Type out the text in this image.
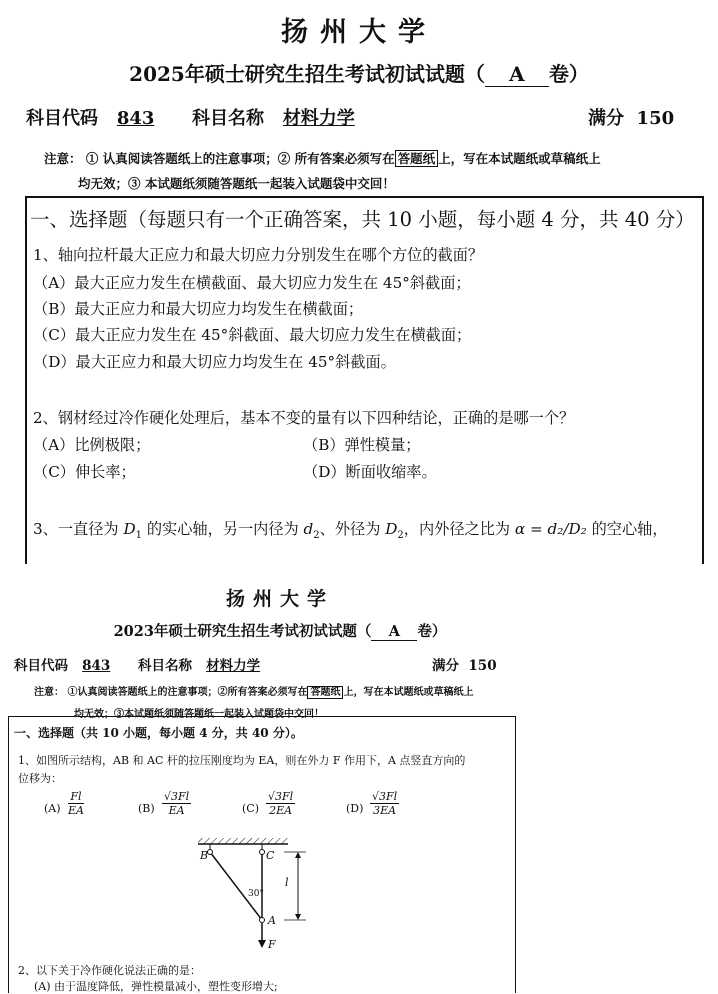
扬州大学
2025年硕士研究生招生考试初试试题（ A 卷）
科目代码 843 科目名称 材料力学	满分 150
注意： ① 认真阅读答题纸上的注意事项；② 所有答案必须写在 答题纸 上，写在本试题纸或草稿纸上
均无效；③ 本试题纸须随答题纸一起装入试题袋中交回！
一、选择题（每题只有一个正确答案，共 10 小题，每小题 4 分，共 40 分）
1、轴向拉杆最大正应力和最大切应力分别发生在哪个方位的截面？
（A）最大正应力发生在横截面、最大切应力发生在 45°斜截面；
（B）最大正应力和最大切应力均发生在横截面；
（C）最大正应力发生在 45°斜截面、最大切应力发生在横截面；
（D）最大正应力和最大切应力均发生在 45°斜截面。
2、钢材经过冷作硬化处理后，基本不变的量有以下四种结论，正确的是哪一个？
（A）比例极限；	（B）弹性模量；
（C）伸长率；	（D）断面收缩率。
3、一直径为 $D_1$ 的实心轴，另一内径为 $d_2$、外径为 $D_2$，内外径之比为 α = d₂/D₂ 的空心轴，
扬州大学
2023年硕士研究生招生考试初试试题（ A 卷）
科目代码 843 科目名称 材料力学	满分 150
注意： ①认真阅读答题纸上的注意事项；②所有答案必须写在 答题纸 上，写在本试题纸或草稿纸上
均无效；③本试题纸须随答题纸一起装入试题袋中交回！
一、选择题（共 10 小题，每小题 4 分，共 40 分）。
1、如图所示结构，AB 和 AC 杆的拉压刚度均为 EA，则在外力 F 作用下，A 点竖直方向的
位移为：
$(A) \frac{Fl}{EA}$	$(B) \frac{√3Fl}{EA}$	$(C) \frac{√3Fl}{2EA}$	$(D) \frac{√3Fl}{3EA}$
B	C
30°
A
F
l
2、以下关于冷作硬化说法正确的是：
(A) 由于温度降低，弹性模量减小，塑性变形增大;
